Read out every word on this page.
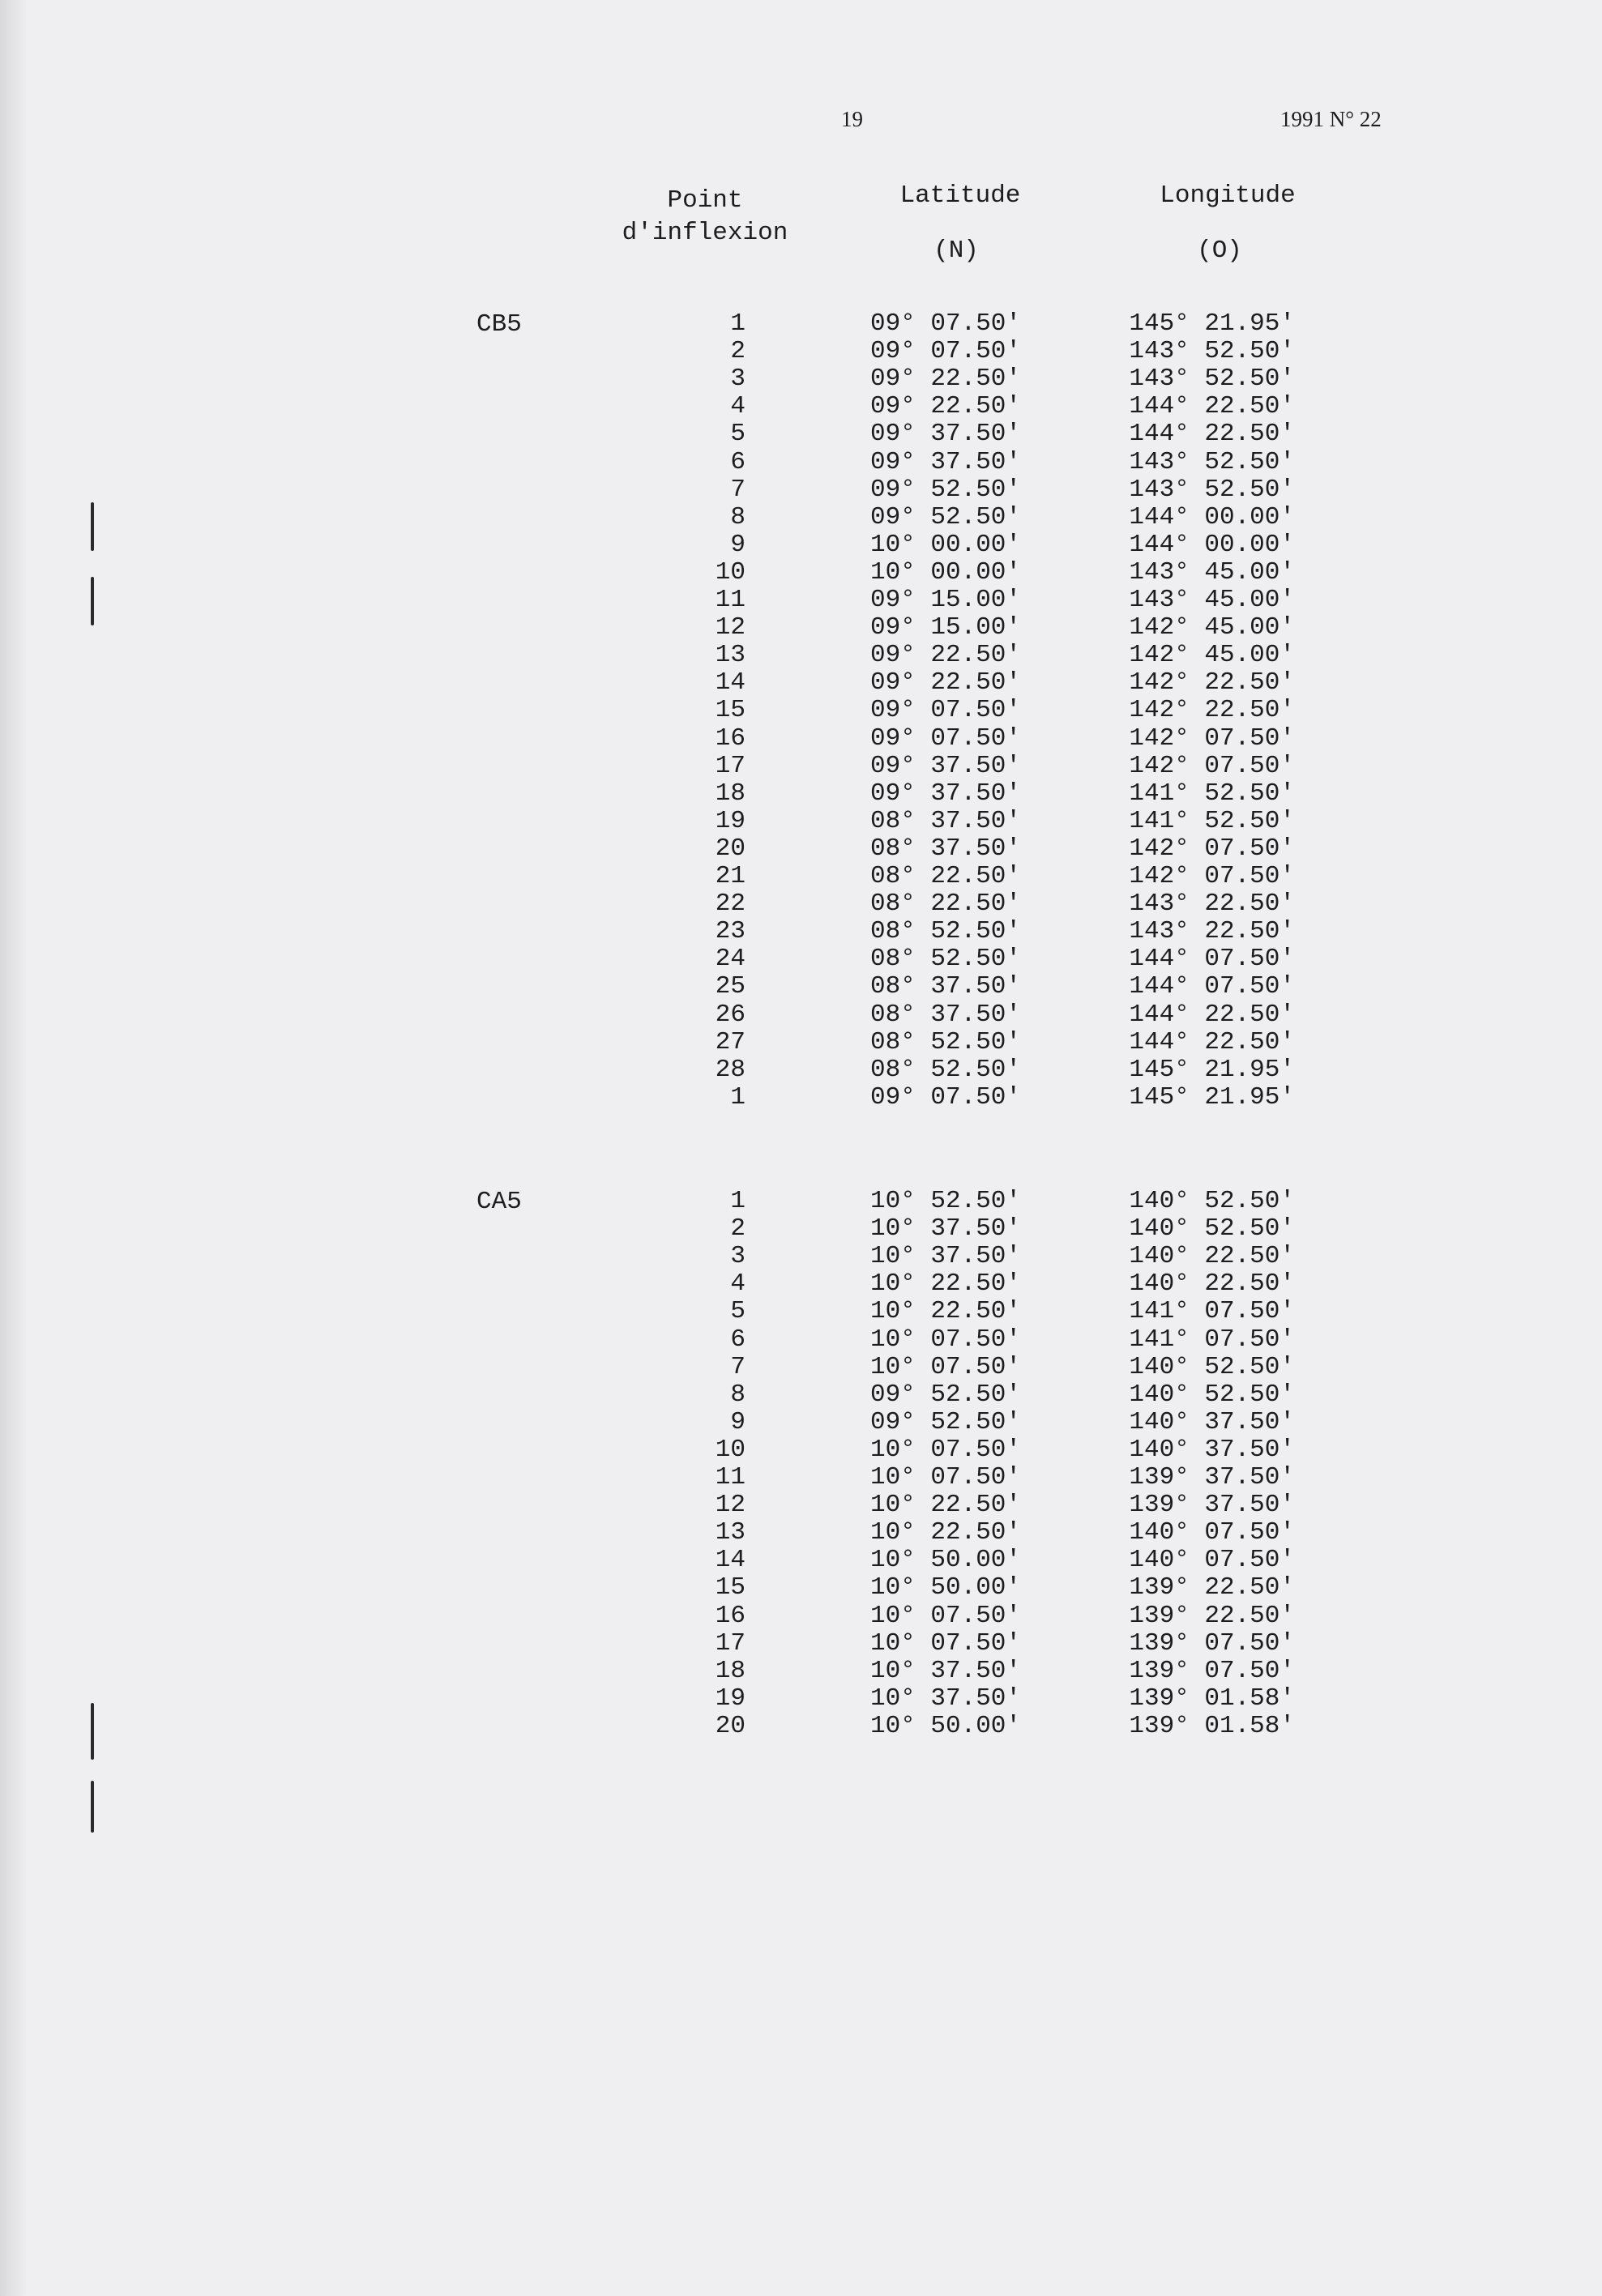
19	1991 N° 22
Point
d'inflexion
Latitude
(N)
Longitude
(O)
CB5	1	09° 07.50'	145° 21.95'
2	09° 07.50'	143° 52.50'
3	09° 22.50'	143° 52.50'
4	09° 22.50'	144° 22.50'
5	09° 37.50'	144° 22.50'
6	09° 37.50'	143° 52.50'
7	09° 52.50'	143° 52.50'
8	09° 52.50'	144° 00.00'
9	10° 00.00'	144° 00.00'
10	10° 00.00'	143° 45.00'
11	09° 15.00'	143° 45.00'
12	09° 15.00'	142° 45.00'
13	09° 22.50'	142° 45.00'
14	09° 22.50'	142° 22.50'
15	09° 07.50'	142° 22.50'
16	09° 07.50'	142° 07.50'
17	09° 37.50'	142° 07.50'
18	09° 37.50'	141° 52.50'
19	08° 37.50'	141° 52.50'
20	08° 37.50'	142° 07.50'
21	08° 22.50'	142° 07.50'
22	08° 22.50'	143° 22.50'
23	08° 52.50'	143° 22.50'
24	08° 52.50'	144° 07.50'
25	08° 37.50'	144° 07.50'
26	08° 37.50'	144° 22.50'
27	08° 52.50'	144° 22.50'
28	08° 52.50'	145° 21.95'
1	09° 07.50'	145° 21.95'
CA5	1	10° 52.50'	140° 52.50'
2	10° 37.50'	140° 52.50'
3	10° 37.50'	140° 22.50'
4	10° 22.50'	140° 22.50'
5	10° 22.50'	141° 07.50'
6	10° 07.50'	141° 07.50'
7	10° 07.50'	140° 52.50'
8	09° 52.50'	140° 52.50'
9	09° 52.50'	140° 37.50'
10	10° 07.50'	140° 37.50'
11	10° 07.50'	139° 37.50'
12	10° 22.50'	139° 37.50'
13	10° 22.50'	140° 07.50'
14	10° 50.00'	140° 07.50'
15	10° 50.00'	139° 22.50'
16	10° 07.50'	139° 22.50'
17	10° 07.50'	139° 07.50'
18	10° 37.50'	139° 07.50'
19	10° 37.50'	139° 01.58'
20	10° 50.00'	139° 01.58'
